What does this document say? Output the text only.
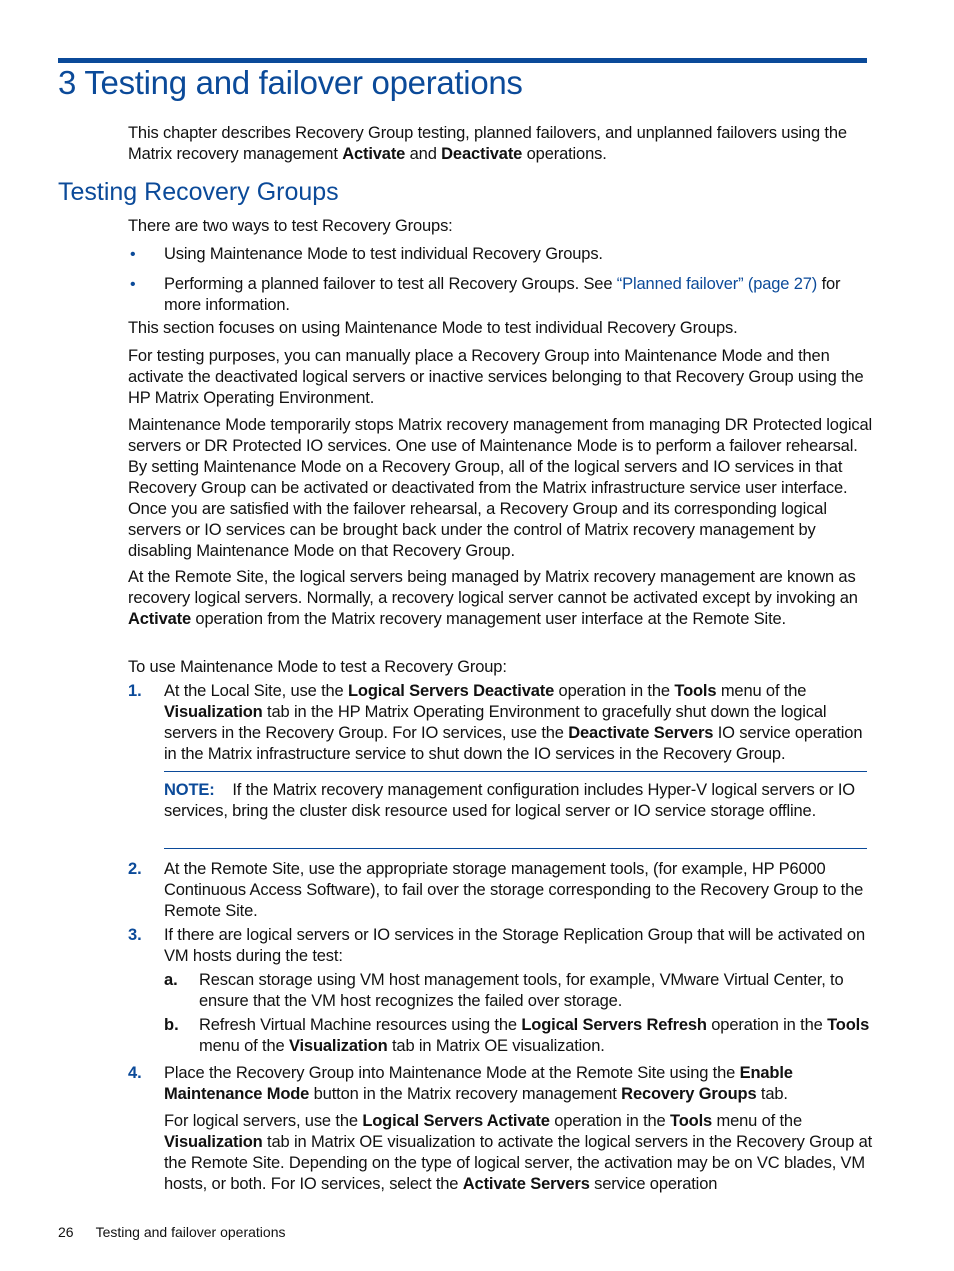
3 Testing and failover operations

This chapter describes Recovery Group testing, planned failovers, and unplanned failovers using the Matrix recovery management Activate and Deactivate operations.

Testing Recovery Groups

There are two ways to test Recovery Groups:

• Using Maintenance Mode to test individual Recovery Groups.

• Performing a planned failover to test all Recovery Groups. See “Planned failover” (page 27) for more information.

This section focuses on using Maintenance Mode to test individual Recovery Groups.

For testing purposes, you can manually place a Recovery Group into Maintenance Mode and then activate the deactivated logical servers or inactive services belonging to that Recovery Group using the HP Matrix Operating Environment.

Maintenance Mode temporarily stops Matrix recovery management from managing DR Protected logical servers or DR Protected IO services. One use of Maintenance Mode is to perform a failover rehearsal. By setting Maintenance Mode on a Recovery Group, all of the logical servers and IO services in that Recovery Group can be activated or deactivated from the Matrix infrastructure service user interface. Once you are satisfied with the failover rehearsal, a Recovery Group and its corresponding logical servers or IO services can be brought back under the control of Matrix recovery management by disabling Maintenance Mode on that Recovery Group.

At the Remote Site, the logical servers being managed by Matrix recovery management are known as recovery logical servers. Normally, a recovery logical server cannot be activated except by invoking an Activate operation from the Matrix recovery management user interface at the Remote Site.

To use Maintenance Mode to test a Recovery Group:

1. At the Local Site, use the Logical Servers Deactivate operation in the Tools menu of the Visualization tab in the HP Matrix Operating Environment to gracefully shut down the logical servers in the Recovery Group. For IO services, use the Deactivate Servers IO service operation in the Matrix infrastructure service to shut down the IO services in the Recovery Group.

NOTE: If the Matrix recovery management configuration includes Hyper-V logical servers or IO services, bring the cluster disk resource used for logical server or IO service storage offline.

2. At the Remote Site, use the appropriate storage management tools, (for example, HP P6000 Continuous Access Software), to fail over the storage corresponding to the Recovery Group to the Remote Site.

3. If there are logical servers or IO services in the Storage Replication Group that will be activated on VM hosts during the test:

a. Rescan storage using VM host management tools, for example, VMware Virtual Center, to ensure that the VM host recognizes the failed over storage.

b. Refresh Virtual Machine resources using the Logical Servers Refresh operation in the Tools menu of the Visualization tab in Matrix OE visualization.

4. Place the Recovery Group into Maintenance Mode at the Remote Site using the Enable Maintenance Mode button in the Matrix recovery management Recovery Groups tab.

For logical servers, use the Logical Servers Activate operation in the Tools menu of the Visualization tab in Matrix OE visualization to activate the logical servers in the Recovery Group at the Remote Site. Depending on the type of logical server, the activation may be on VC blades, VM hosts, or both. For IO services, select the Activate Servers service operation

26 Testing and failover operations
